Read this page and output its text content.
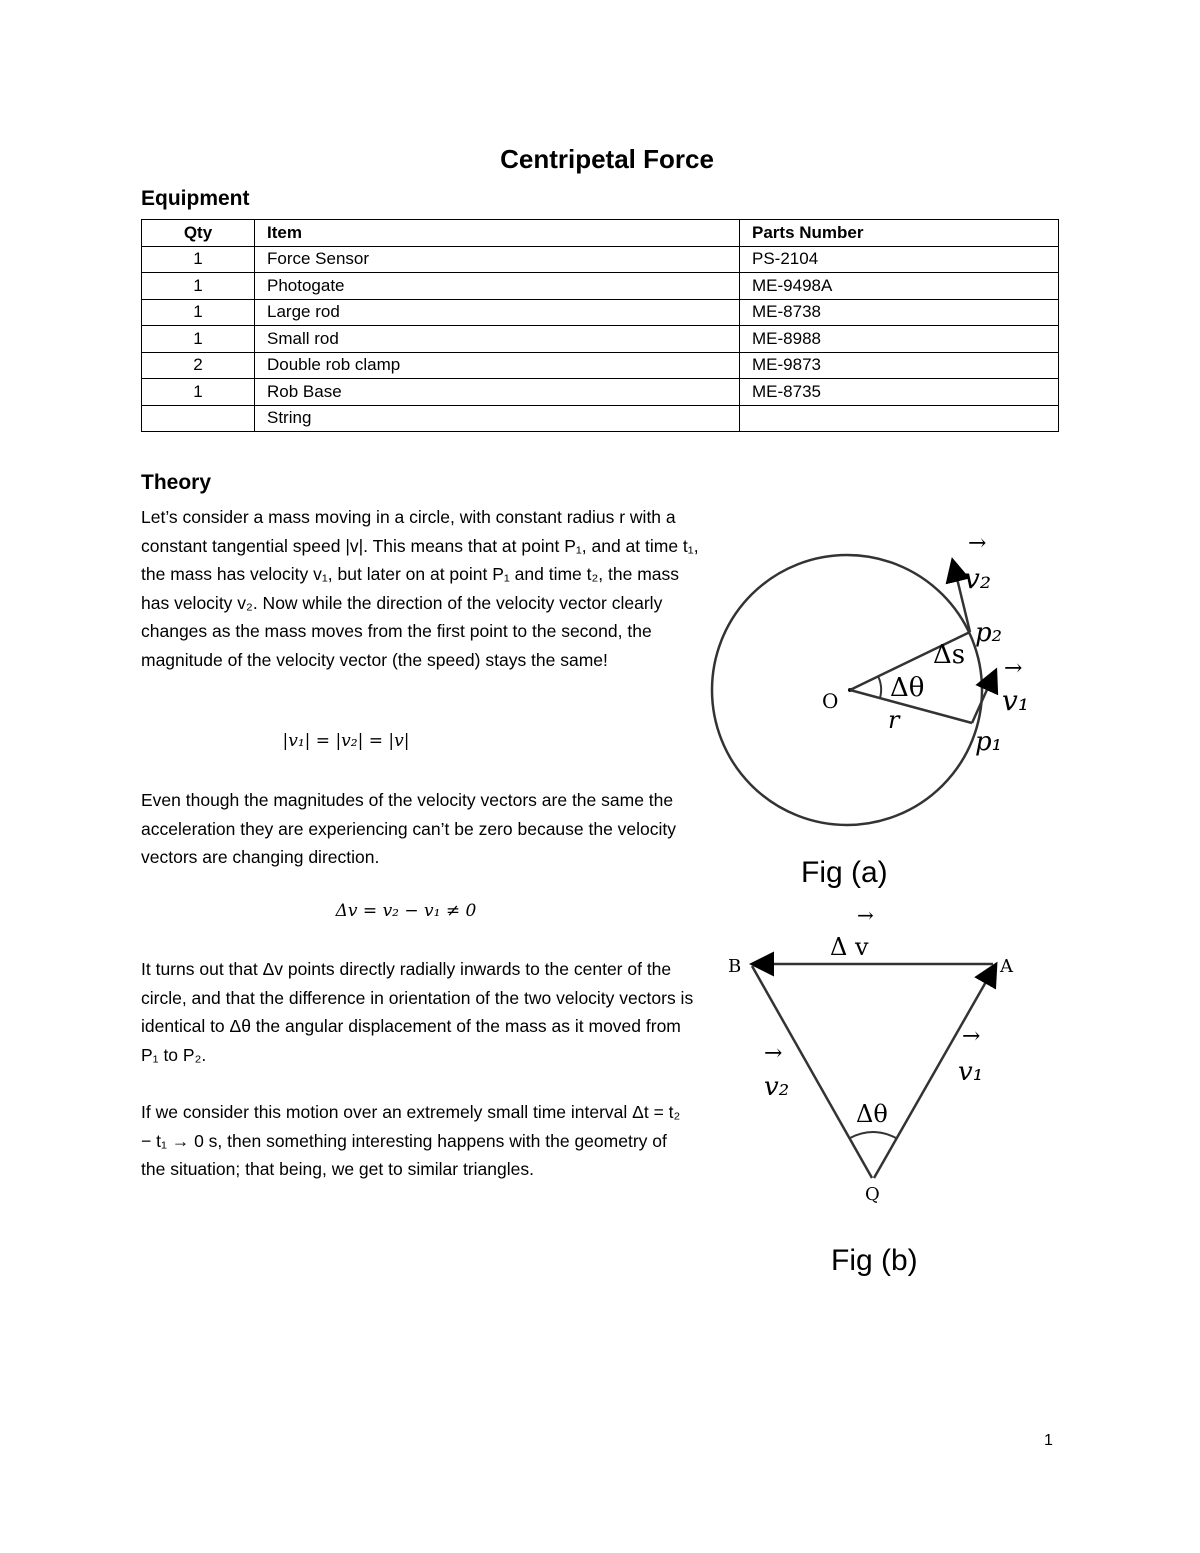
Centripetal Force
Equipment
Qty	Item	Parts Number
1	Force Sensor	PS-2104
1	Photogate	ME-9498A
1	Large rod	ME-8738
1	Small rod	ME-8988
2	Double rob clamp	ME-9873
1	Rob Base	ME-8735
	String	
Theory
Let’s consider a mass moving in a circle, with constant radius r with a constant tangential speed |v|. This means that at point P₁, and at time t₁, the mass has velocity v₁, but later on at point P₁ and time t₂, the mass has velocity v₂. Now while the direction of the velocity vector clearly changes as the mass moves from the first point to the second, the magnitude of the velocity vector (the speed) stays the same!
|v₁| = |v₂| = |v|
Even though the magnitudes of the velocity vectors are the same the acceleration they are experiencing can’t be zero because the velocity vectors are changing direction.
Δv = v₂ − v₁ ≠ 0
It turns out that Δv points directly radially inwards to the center of the circle, and that the difference in orientation of the two velocity vectors is identical to Δθ the angular displacement of the mass as it moved from P₁ to P₂.
If we consider this motion over an extremely small time interval Δt = t₂ − t₁ → 0 s, then something interesting happens with the geometry of the situation; that being, we get to similar triangles.
O Δθ
r
Δs
p₁
p₂
v₁
→
v₂
→
Fig (a)
B	A
Q
Δ v
→
v₁
→
v₂
→
Δθ
Fig (b)
1
